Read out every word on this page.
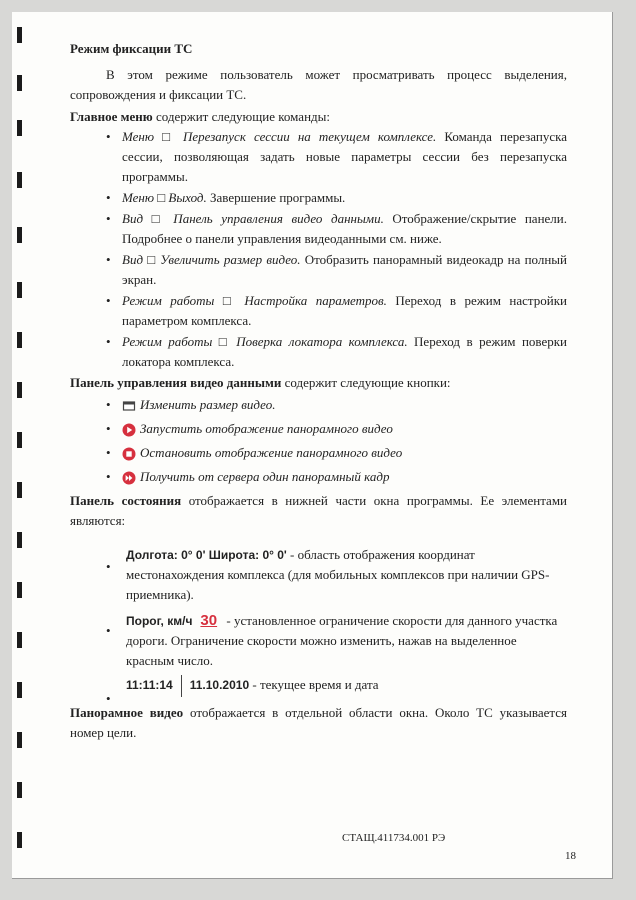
Режим фиксации ТС

В этом режиме пользователь может просматривать процесс выделения, сопровождения и фиксации ТС.

Главное меню содержит следующие команды:

• Меню □ Перезапуск сессии на текущем комплексе. Команда перезапуска сессии, позволяющая задать новые параметры сессии без перезапуска программы.
• Меню □ Выход. Завершение программы.
• Вид □ Панель управления видео данными. Отображение/скрытие панели. Подробнее о панели управления видеоданными см. ниже.
• Вид □ Увеличить размер видео. Отобразить панорамный видеокадр на полный экран.
• Режим работы □ Настройка параметров. Переход в режим настройки параметром комплекса.
• Режим работы □ Поверка локатора комплекса. Переход в режим поверки локатора комплекса.

Панель управления видео данными содержит следующие кнопки:

• Изменить размер видео.
• Запустить отображение панорамного видео
• Остановить отображение панорамного видео
• Получить от сервера один панорамный кадр

Панель состояния отображается в нижней части окна программы. Ее элементами являются:

• Долгота: 0° 0' Широта: 0° 0' - область отображения координат местонахождения комплекса (для мобильных комплексов при наличии GPS-приемника).
• Порог, км/ч 30 - установленное ограничение скорости для данного участка дороги. Ограничение скорости можно изменить, нажав на выделенное красным число.
• 11:11:14 11.10.2010 - текущее время и дата

Панорамное видео отображается в отдельной области окна. Около ТС указывается номер цели.

СТАЩ.411734.001 РЭ
18
